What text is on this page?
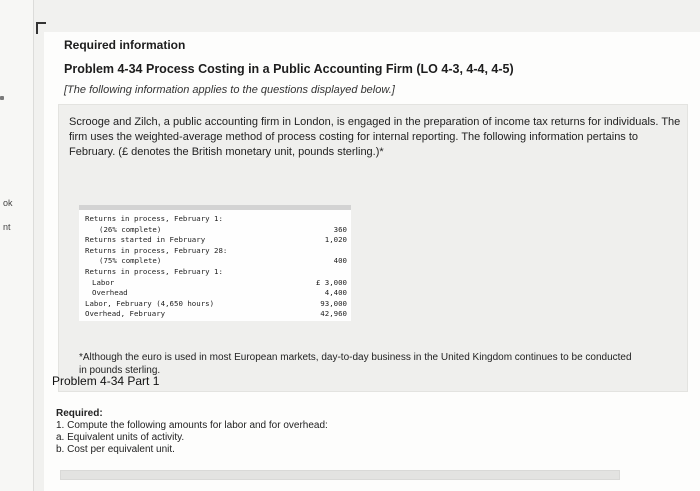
ok
nt
Required information
Problem 4-34 Process Costing in a Public Accounting Firm (LO 4-3, 4-4, 4-5)
[The following information applies to the questions displayed below.]
Scrooge and Zilch, a public accounting firm in London, is engaged in the preparation of income tax returns for individuals. The firm uses the weighted-average method of process costing for internal reporting. The following information pertains to February. (£ denotes the British monetary unit, pounds sterling.)*
Returns in process, February 1:
(26% complete)	360
Returns started in February	1,020
Returns in process, February 28:
(75% complete)	400
Returns in process, February 1:
Labor	£ 3,000
Overhead	4,400
Labor, February (4,650 hours)	93,000
Overhead, February	42,960
*Although the euro is used in most European markets, day-to-day business in the United Kingdom continues to be conducted in pounds sterling.
Problem 4-34 Part 1
Required:
1. Compute the following amounts for labor and for overhead:
a. Equivalent units of activity.
b. Cost per equivalent unit.
